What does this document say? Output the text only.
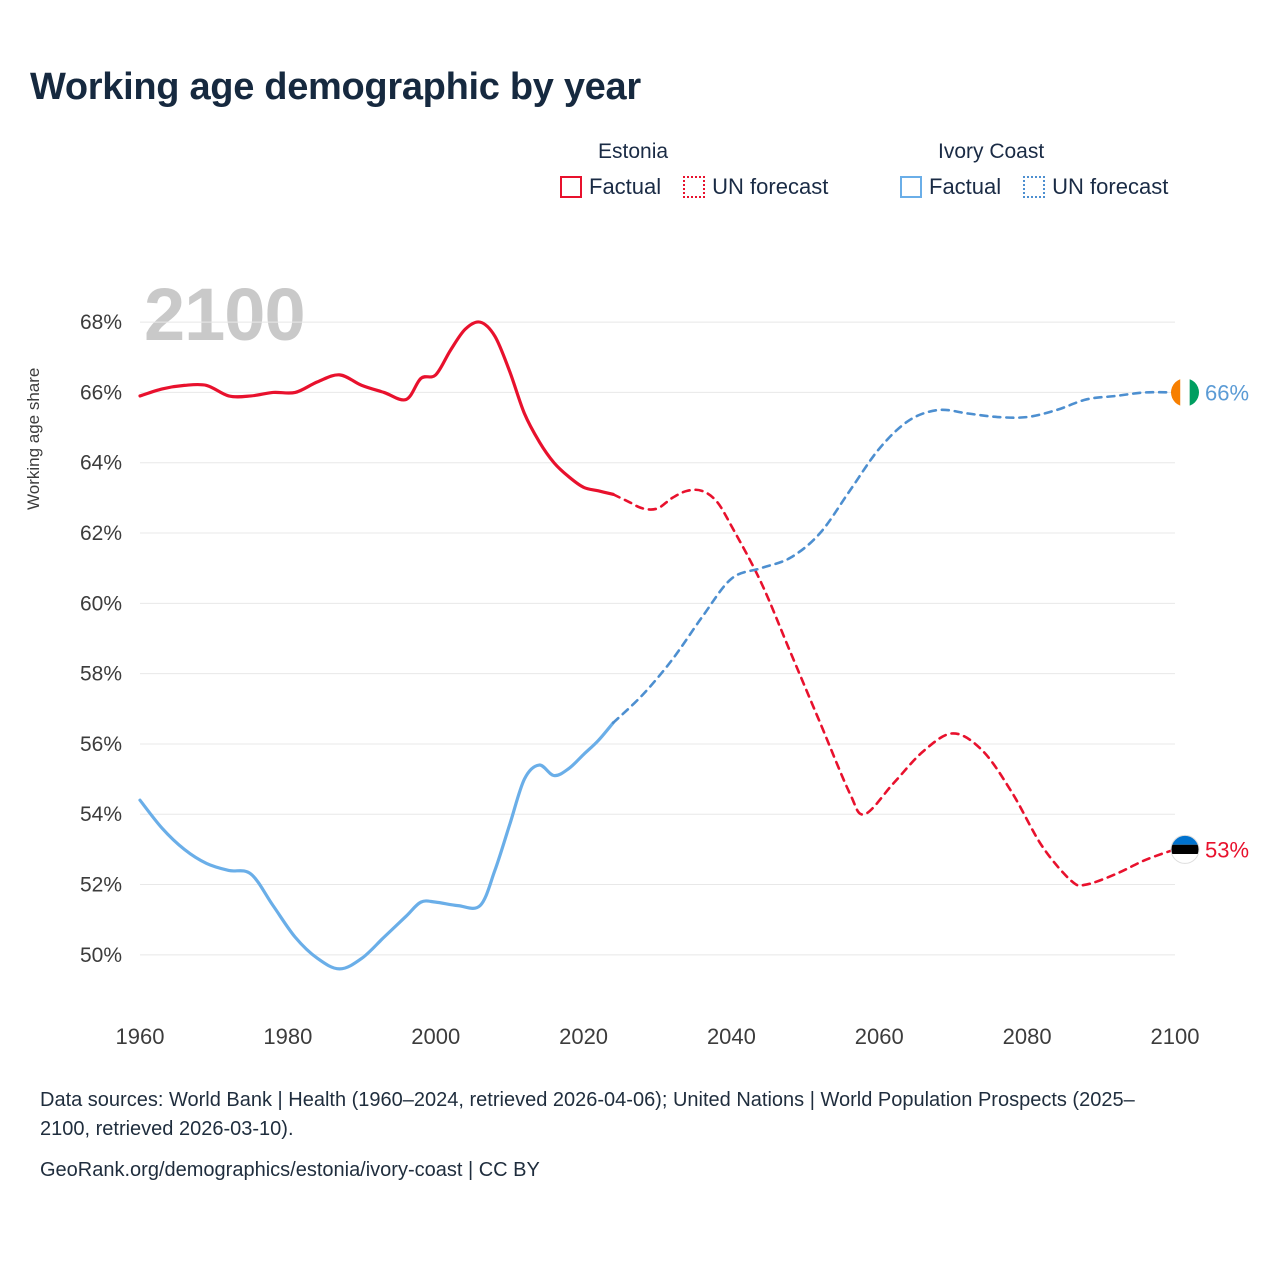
Working age demographic by year
Estonia
Factual UN forecast
Ivory Coast
Factual UN forecast
2100
Working age share
50%
52%
54%
56%
58%
60%
62%
64%
66%
68%
1960	1980	2000	2020	2040	2060	2080	2100
66%
53%
Data sources: World Bank | Health (1960–2024, retrieved 2026-04-06); United Nations | World Population Prospects (2025–2100, retrieved 2026-03-10).
GeoRank.org/demographics/estonia/ivory-coast | CC BY
